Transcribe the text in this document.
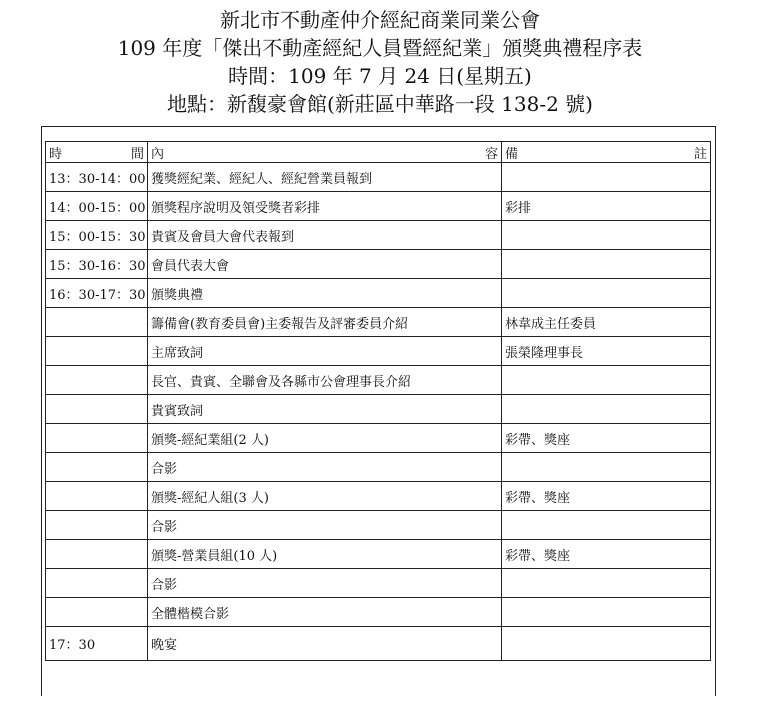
新北市不動產仲介經紀商業同業公會
109 年度「傑出不動產經紀人員暨經紀業」頒獎典禮程序表
時間：109 年 7 月 24 日(星期五)
地點：新馥豪會館(新莊區中華路一段 138-2 號)
時 間	內 容	備 註

13：30-14：00	獲獎經紀業、經紀人、經紀營業員報到	
14：00-15：00	頒獎程序說明及領受獎者彩排	彩排
15：00-15：30	貴賓及會員大會代表報到	
15：30-16：30	會員代表大會	
16：30-17：30	頒獎典禮	
	籌備會(教育委員會)主委報告及評審委員介紹	林韋成主任委員
	主席致詞	張榮隆理事長
	長官、貴賓、全聯會及各縣市公會理事長介紹	
	貴賓致詞	
	頒獎-經紀業組(2 人)	彩帶、獎座
	合影	
	頒獎-經紀人組(3 人)	彩帶、獎座
	合影	
	頒獎-營業員組(10 人)	彩帶、獎座
	合影	
	全體楷模合影	
17：30	晚宴	
